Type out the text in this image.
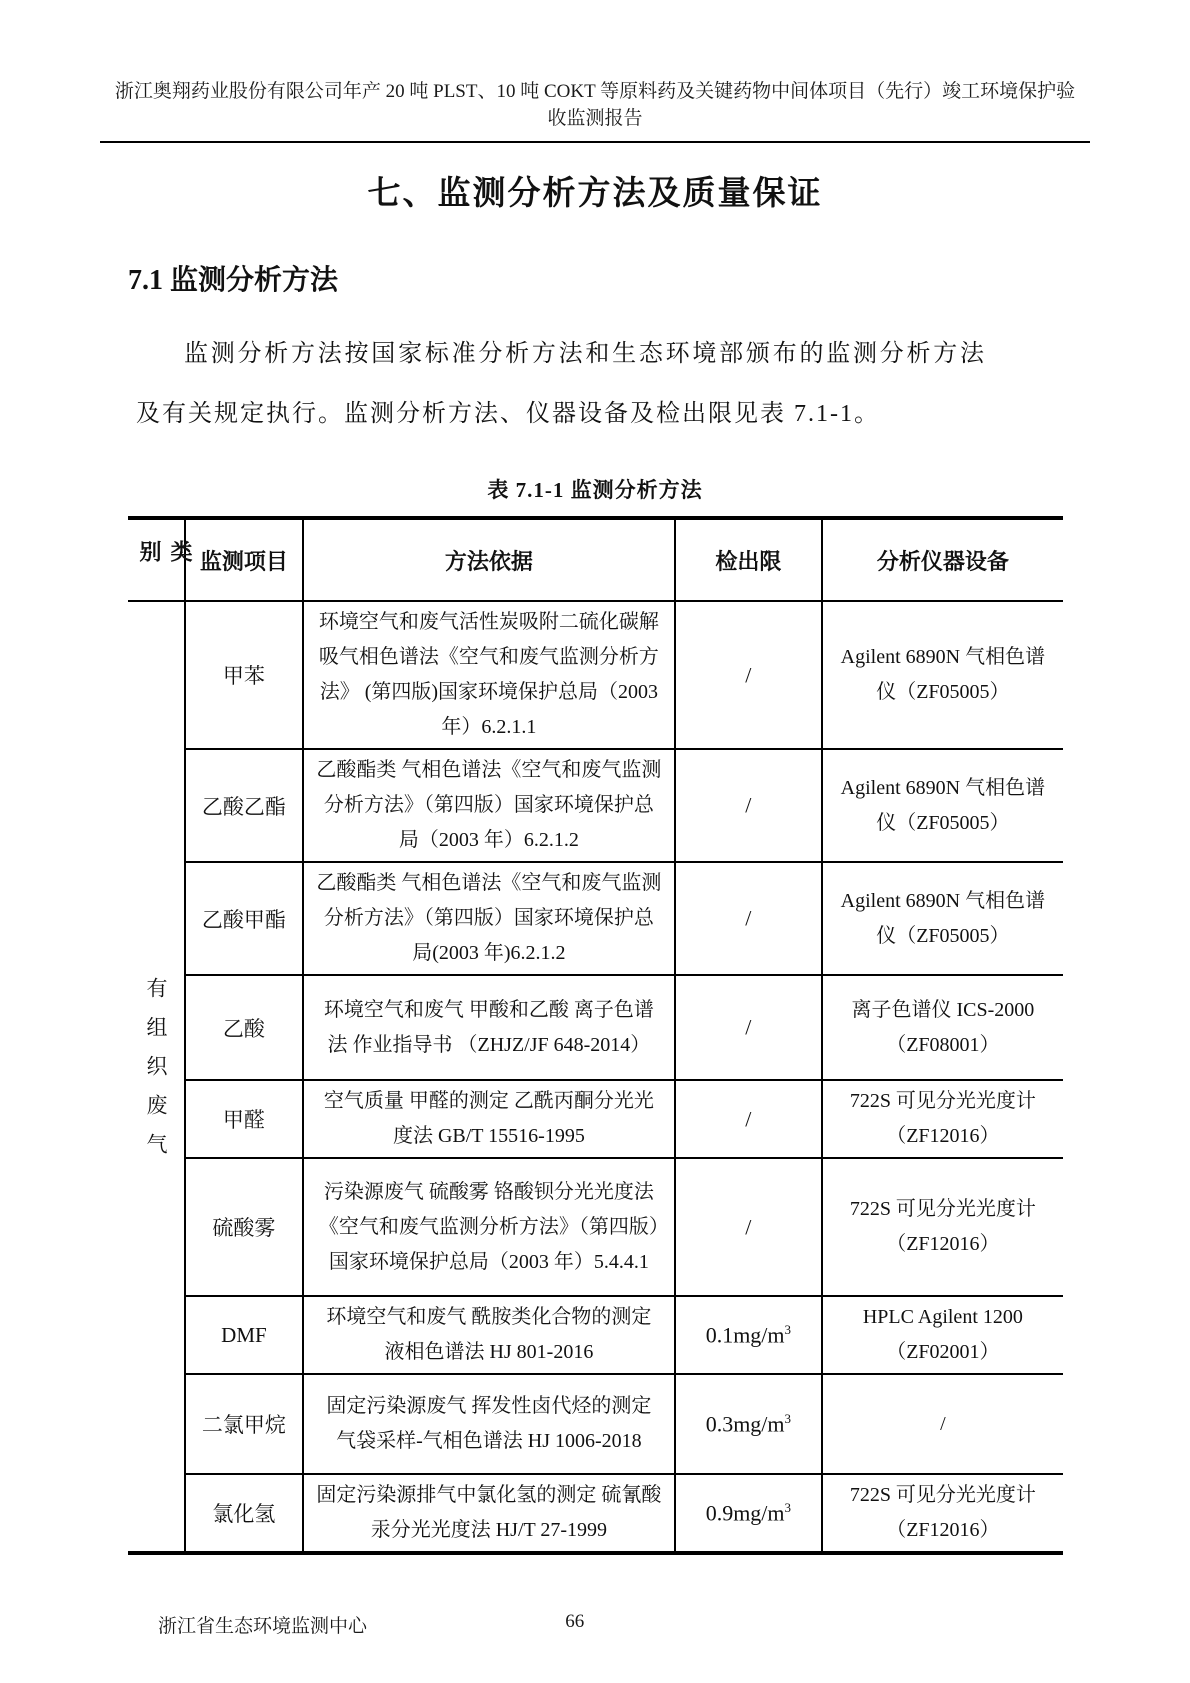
浙江奥翔药业股份有限公司年产 20 吨 PLST、10 吨 COKT 等原料药及关键药物中间体项目（先行）竣工环境保护验
收监测报告
七、监测分析方法及质量保证
7.1 监测分析方法

监测分析方法按国家标准分析方法和生态环境部颁布的监测分析方法及有关规定执行。监测分析方法、仪器设备及检出限见表 7.1-1。

表 7.1-1 监测分析方法
类别	监测项目	方法依据	检出限	分析仪器设备
有组织废气	甲苯	环境空气和废气活性炭吸附二硫化碳解吸气相色谱法《空气和废气监测分析方法》 (第四版)国家环境保护总局（2003 年）6.2.1.1	/	Agilent 6890N 气相色谱仪（ZF05005）
	乙酸乙酯	乙酸酯类 气相色谱法《空气和废气监测分析方法》（第四版）国家环境保护总局（2003 年）6.2.1.2	/	Agilent 6890N 气相色谱仪（ZF05005）
	乙酸甲酯	乙酸酯类 气相色谱法《空气和废气监测分析方法》（第四版）国家环境保护总局(2003 年)6.2.1.2	/	Agilent 6890N 气相色谱仪（ZF05005）
	乙酸	环境空气和废气 甲酸和乙酸 离子色谱法 作业指导书 （ZHJZ/JF 648-2014）	/	离子色谱仪 ICS-2000（ZF08001）
	甲醛	空气质量 甲醛的测定 乙酰丙酮分光光度法 GB/T 15516-1995	/	722S 可见分光光度计（ZF12016）
	硫酸雾	污染源废气 硫酸雾 铬酸钡分光光度法《空气和废气监测分析方法》（第四版）国家环境保护总局（2003 年）5.4.4.1	/	722S 可见分光光度计（ZF12016）
	DMF	环境空气和废气 酰胺类化合物的测定 液相色谱法 HJ 801-2016	$0.1mg/m^3$	HPLC Agilent 1200（ZF02001）
	二氯甲烷	固定污染源废气 挥发性卤代烃的测定 气袋采样-气相色谱法 HJ 1006-2018	$0.3mg/m^3$	/
	氯化氢	固定污染源排气中氯化氢的测定 硫氰酸汞分光光度法 HJ/T 27-1999	$0.9mg/m^3$	722S 可见分光光度计（ZF12016）
浙江省生态环境监测中心	66
